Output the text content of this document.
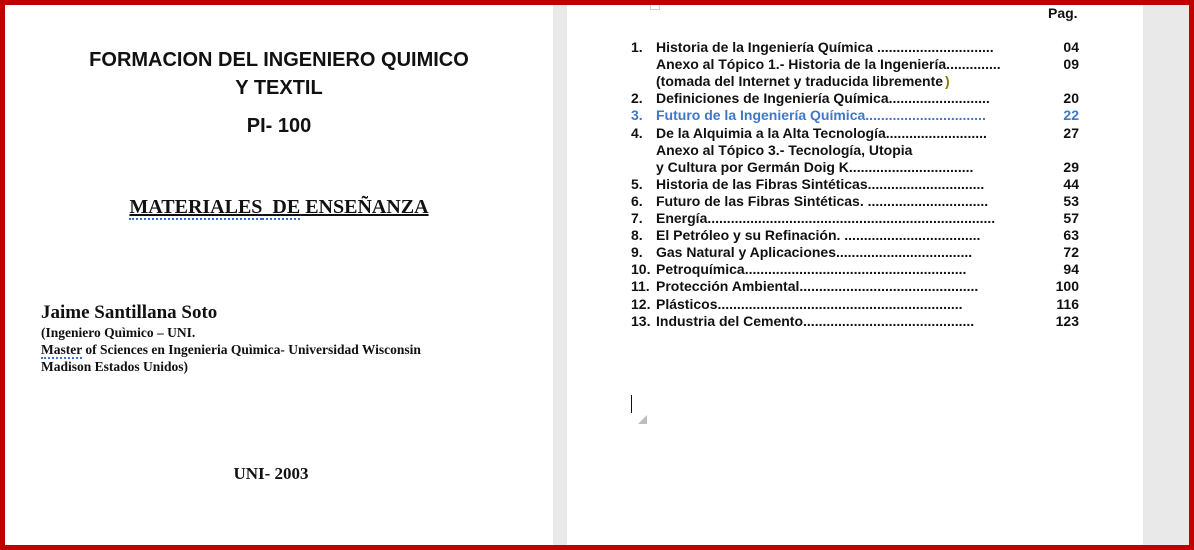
FORMACION DEL INGENIERO QUIMICO
Y TEXTIL
PI- 100
MATERIALES  DE ENSEÑANZA
Jaime Santillana Soto
(Ingeniero Quìmico – UNI.
Master of Sciences en Ingenieria Quìmica- Universidad Wisconsin
Madison Estados Unidos)
UNI- 2003
Pag.
1. Historia de la Ingeniería Química ..............................	04
Anexo al Tópico 1.- Historia de la Ingeniería..............	09
(tomada del Internet y traducida libremente )
2. Definiciones de Ingeniería Química..........................	20
3. Futuro de la Ingeniería Química...............................	22
4. De la Alquimia a la Alta Tecnología..........................	27
Anexo al Tópico 3.- Tecnología, Utopia
y Cultura por Germán Doig K................................	29
5. Historia de las Fibras Sintéticas..............................	44
6. Futuro de las Fibras Sintéticas. ...............................	53
7. Energía..........................................................................	57
8. El Petróleo y su Refinación. ...................................	63
9. Gas Natural y Aplicaciones...................................	72
10. Petroquímica.........................................................	94
11. Protección Ambiental..............................................	100
12. Plásticos...............................................................	116
13. Industria del Cemento............................................	123
